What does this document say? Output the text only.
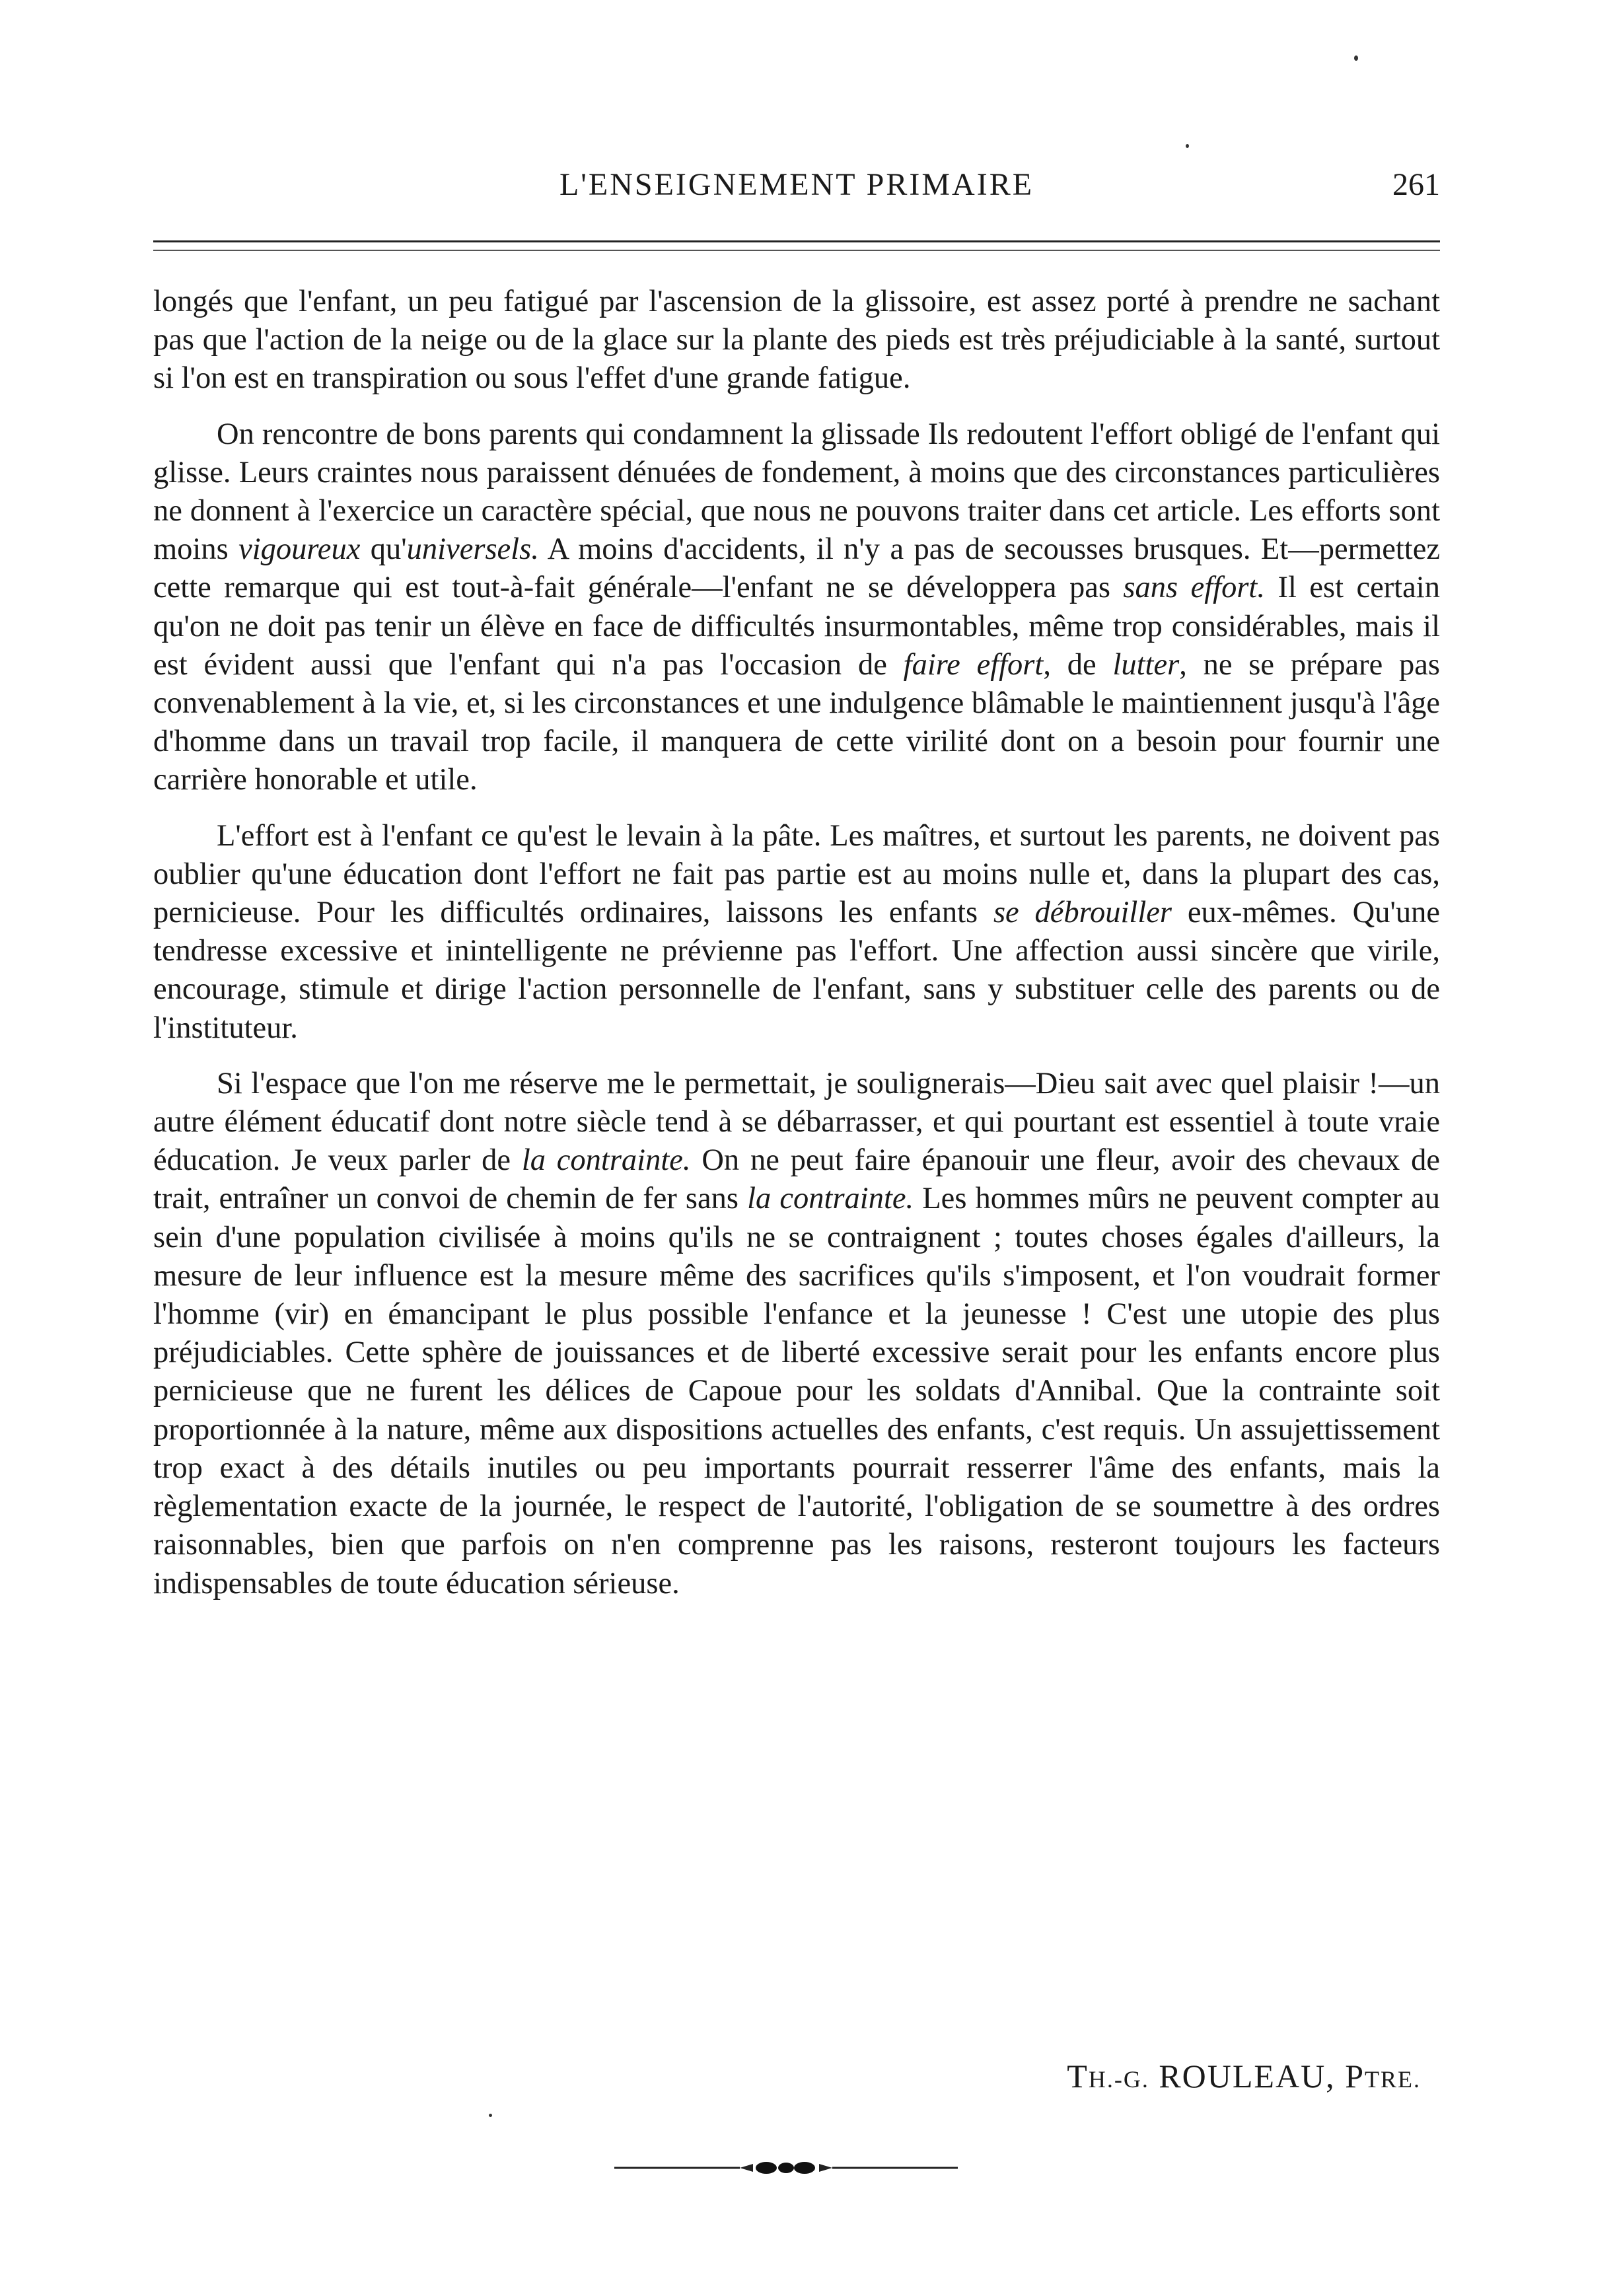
L'ENSEIGNEMENT PRIMAIRE	261

longés que l'enfant, un peu fatigué par l'ascension de la glissoire, est assez porté à prendre ne sachant pas que l'action de la neige ou de la glace sur la plante des pieds est très préjudiciable à la santé, surtout si l'on est en transpiration ou sous l'effet d'une grande fatigue.

On rencontre de bons parents qui condamnent la glissade Ils redoutent l'effort obligé de l'enfant qui glisse. Leurs craintes nous paraissent dénuées de fondement, à moins que des circonstances particulières ne donnent à l'exercice un caractère spécial, que nous ne pouvons traiter dans cet article. Les efforts sont moins vigoureux qu'universels. A moins d'accidents, il n'y a pas de secousses brusques. Et—permettez cette remarque qui est tout-à-fait générale—l'enfant ne se développera pas sans effort. Il est certain qu'on ne doit pas tenir un élève en face de difficultés insurmontables, même trop considérables, mais il est évident aussi que l'enfant qui n'a pas l'occasion de faire effort, de lutter, ne se prépare pas convenablement à la vie, et, si les circonstances et une indulgence blâmable le maintiennent jusqu'à l'âge d'homme dans un travail trop facile, il manquera de cette virilité dont on a besoin pour fournir une carrière honorable et utile.

L'effort est à l'enfant ce qu'est le levain à la pâte. Les maîtres, et surtout les parents, ne doivent pas oublier qu'une éducation dont l'effort ne fait pas partie est au moins nulle et, dans la plupart des cas, pernicieuse. Pour les difficultés ordinaires, laissons les enfants se débrouiller eux-mêmes. Qu'une tendresse excessive et inintelligente ne prévienne pas l'effort. Une affection aussi sincère que virile, encourage, stimule et dirige l'action personnelle de l'enfant, sans y substituer celle des parents ou de l'instituteur.

Si l'espace que l'on me réserve me le permettait, je soulignerais—Dieu sait avec quel plaisir !—un autre élément éducatif dont notre siècle tend à se débarrasser, et qui pourtant est essentiel à toute vraie éducation. Je veux parler de la contrainte. On ne peut faire épanouir une fleur, avoir des chevaux de trait, entraîner un convoi de chemin de fer sans la contrainte. Les hommes mûrs ne peuvent compter au sein d'une population civilisée à moins qu'ils ne se contraignent ; toutes choses égales d'ailleurs, la mesure de leur influence est la mesure même des sacrifices qu'ils s'imposent, et l'on voudrait former l'homme (vir) en émancipant le plus possible l'enfance et la jeunesse ! C'est une utopie des plus préjudiciables. Cette sphère de jouissances et de liberté excessive serait pour les enfants encore plus pernicieuse que ne furent les délices de Capoue pour les soldats d'Annibal. Que la contrainte soit proportionnée à la nature, même aux dispositions actuelles des enfants, c'est requis. Un assujettissement trop exact à des détails inutiles ou peu importants pourrait resserrer l'âme des enfants, mais la règlementation exacte de la journée, le respect de l'autorité, l'obligation de se soumettre à des ordres raisonnables, bien que parfois on n'en comprenne pas les raisons, resteront toujours les facteurs indispensables de toute éducation sérieuse.

TH.-G. ROULEAU, PTRE.
